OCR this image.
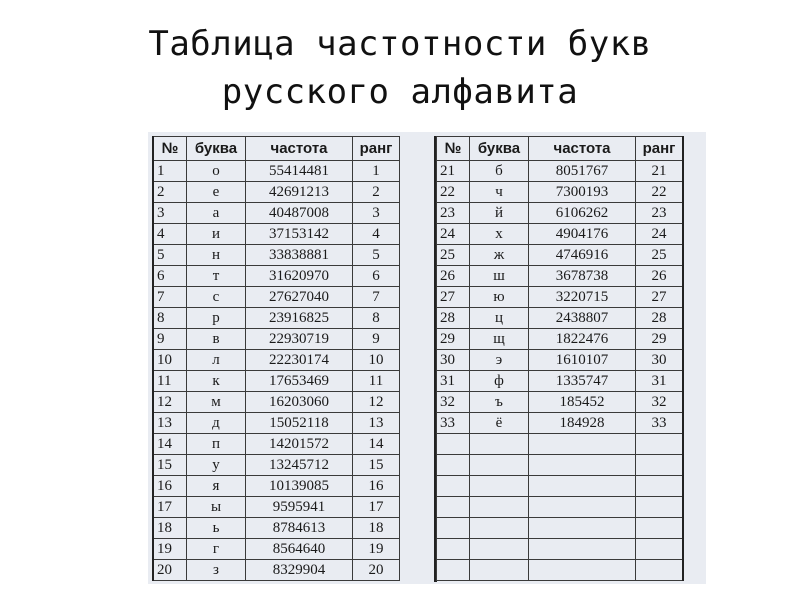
Таблица частотности букв
русского алфавита
№	буква	частота	ранг
1	о	55414481	1
2	е	42691213	2
3	а	40487008	3
4	и	37153142	4
5	н	33838881	5
6	т	31620970	6
7	с	27627040	7
8	р	23916825	8
9	в	22930719	9
10	л	22230174	10
11	к	17653469	11
12	м	16203060	12
13	д	15052118	13
14	п	14201572	14
15	у	13245712	15
16	я	10139085	16
17	ы	9595941	17
18	ь	8784613	18
19	г	8564640	19
20	з	8329904	20
№	буква	частота	ранг
21	б	8051767	21
22	ч	7300193	22
23	й	6106262	23
24	х	4904176	24
25	ж	4746916	25
26	ш	3678738	26
27	ю	3220715	27
28	ц	2438807	28
29	щ	1822476	29
30	э	1610107	30
31	ф	1335747	31
32	ъ	185452	32
33	ё	184928	33
